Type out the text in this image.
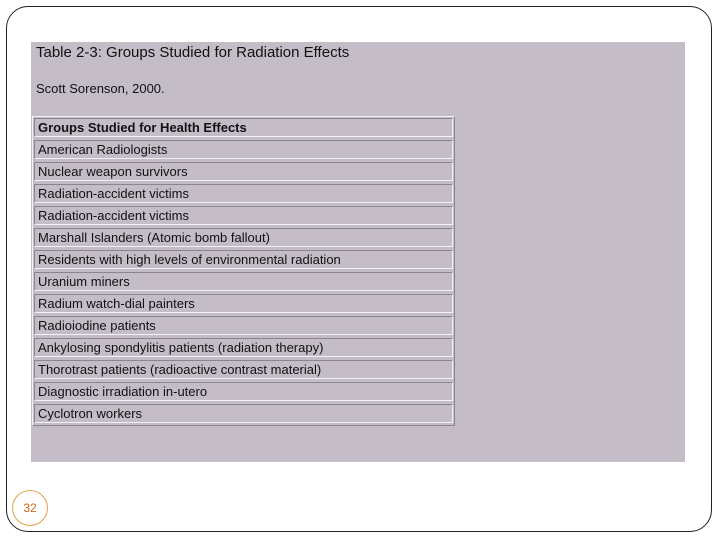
Table 2-3: Groups Studied for Radiation Effects
Scott Sorenson, 2000.
Groups Studied for Health Effects
American Radiologists
Nuclear weapon survivors
Radiation-accident victims
Radiation-accident victims
Marshall Islanders (Atomic bomb fallout)
Residents with high levels of environmental radiation
Uranium miners
Radium watch-dial painters
Radioiodine patients
Ankylosing spondylitis patients (radiation therapy)
Thorotrast patients (radioactive contrast material)
Diagnostic irradiation in-utero
Cyclotron workers
32
